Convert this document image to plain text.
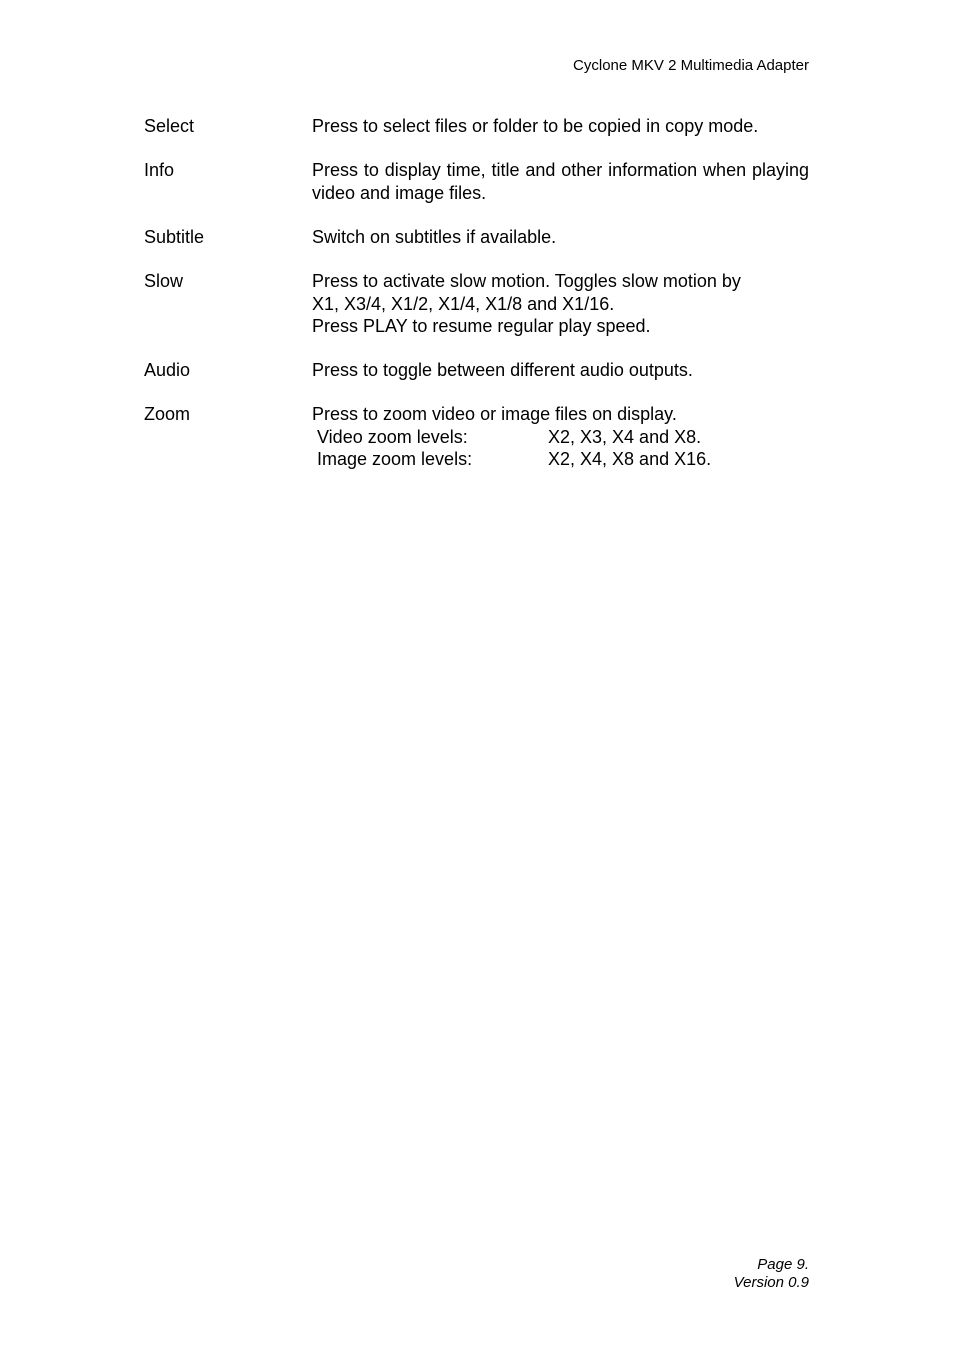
Cyclone MKV 2 Multimedia Adapter
Select	Press to select files or folder to be copied in copy mode.
Info	Press to display time, title and other information when playing video and image files.
Subtitle	Switch on subtitles if available.
Slow	Press to activate slow motion. Toggles slow motion by
X1, X3/4, X1/2, X1/4, X1/8 and X1/16.
Press PLAY to resume regular play speed.
Audio	Press to toggle between different audio outputs.
Zoom	Press to zoom video or image files on display.
Video zoom levels:	X2, X3, X4 and X8.
Image zoom levels:	X2, X4, X8 and X16.
Page 9.
Version 0.9
